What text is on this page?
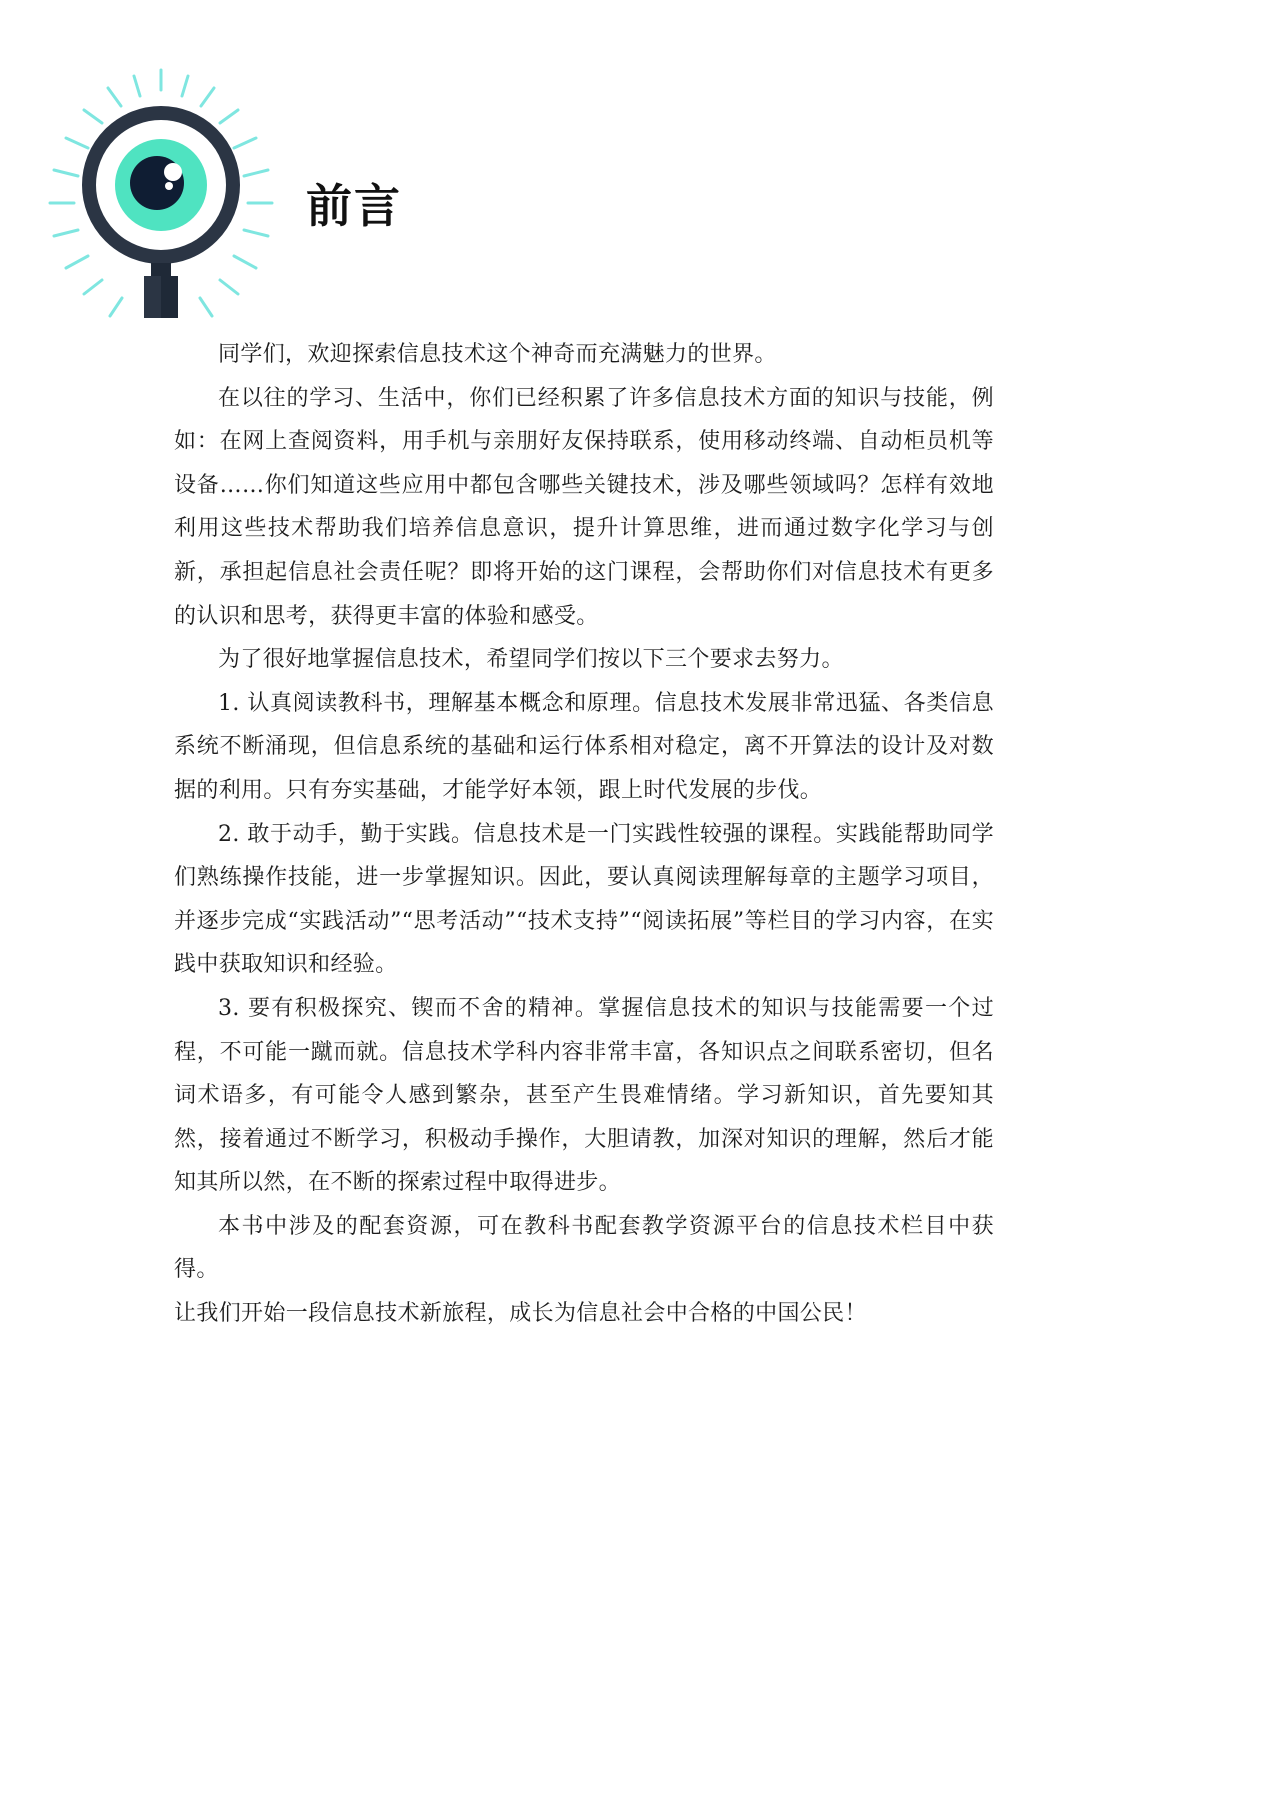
前言

同学们，欢迎探索信息技术这个神奇而充满魅力的世界。

在以往的学习、生活中，你们已经积累了许多信息技术方面的知识与技能，例如：在网上查阅资料，用手机与亲朋好友保持联系，使用移动终端、自动柜员机等设备……你们知道这些应用中都包含哪些关键技术，涉及哪些领域吗？怎样有效地利用这些技术帮助我们培养信息意识，提升计算思维，进而通过数字化学习与创新，承担起信息社会责任呢？即将开始的这门课程，会帮助你们对信息技术有更多的认识和思考，获得更丰富的体验和感受。

为了很好地掌握信息技术，希望同学们按以下三个要求去努力。

1. 认真阅读教科书，理解基本概念和原理。信息技术发展非常迅猛、各类信息系统不断涌现，但信息系统的基础和运行体系相对稳定，离不开算法的设计及对数据的利用。只有夯实基础，才能学好本领，跟上时代发展的步伐。

2. 敢于动手，勤于实践。信息技术是一门实践性较强的课程。实践能帮助同学们熟练操作技能，进一步掌握知识。因此，要认真阅读理解每章的主题学习项目，并逐步完成“实践活动”“思考活动”“技术支持”“阅读拓展”等栏目的学习内容，在实践中获取知识和经验。

3. 要有积极探究、锲而不舍的精神。掌握信息技术的知识与技能需要一个过程，不可能一蹴而就。信息技术学科内容非常丰富，各知识点之间联系密切，但名词术语多，有可能令人感到繁杂，甚至产生畏难情绪。学习新知识，首先要知其然，接着通过不断学习，积极动手操作，大胆请教，加深对知识的理解，然后才能知其所以然，在不断的探索过程中取得进步。

本书中涉及的配套资源，可在教科书配套教学资源平台的信息技术栏目中获得。

让我们开始一段信息技术新旅程，成长为信息社会中合格的中国公民！
